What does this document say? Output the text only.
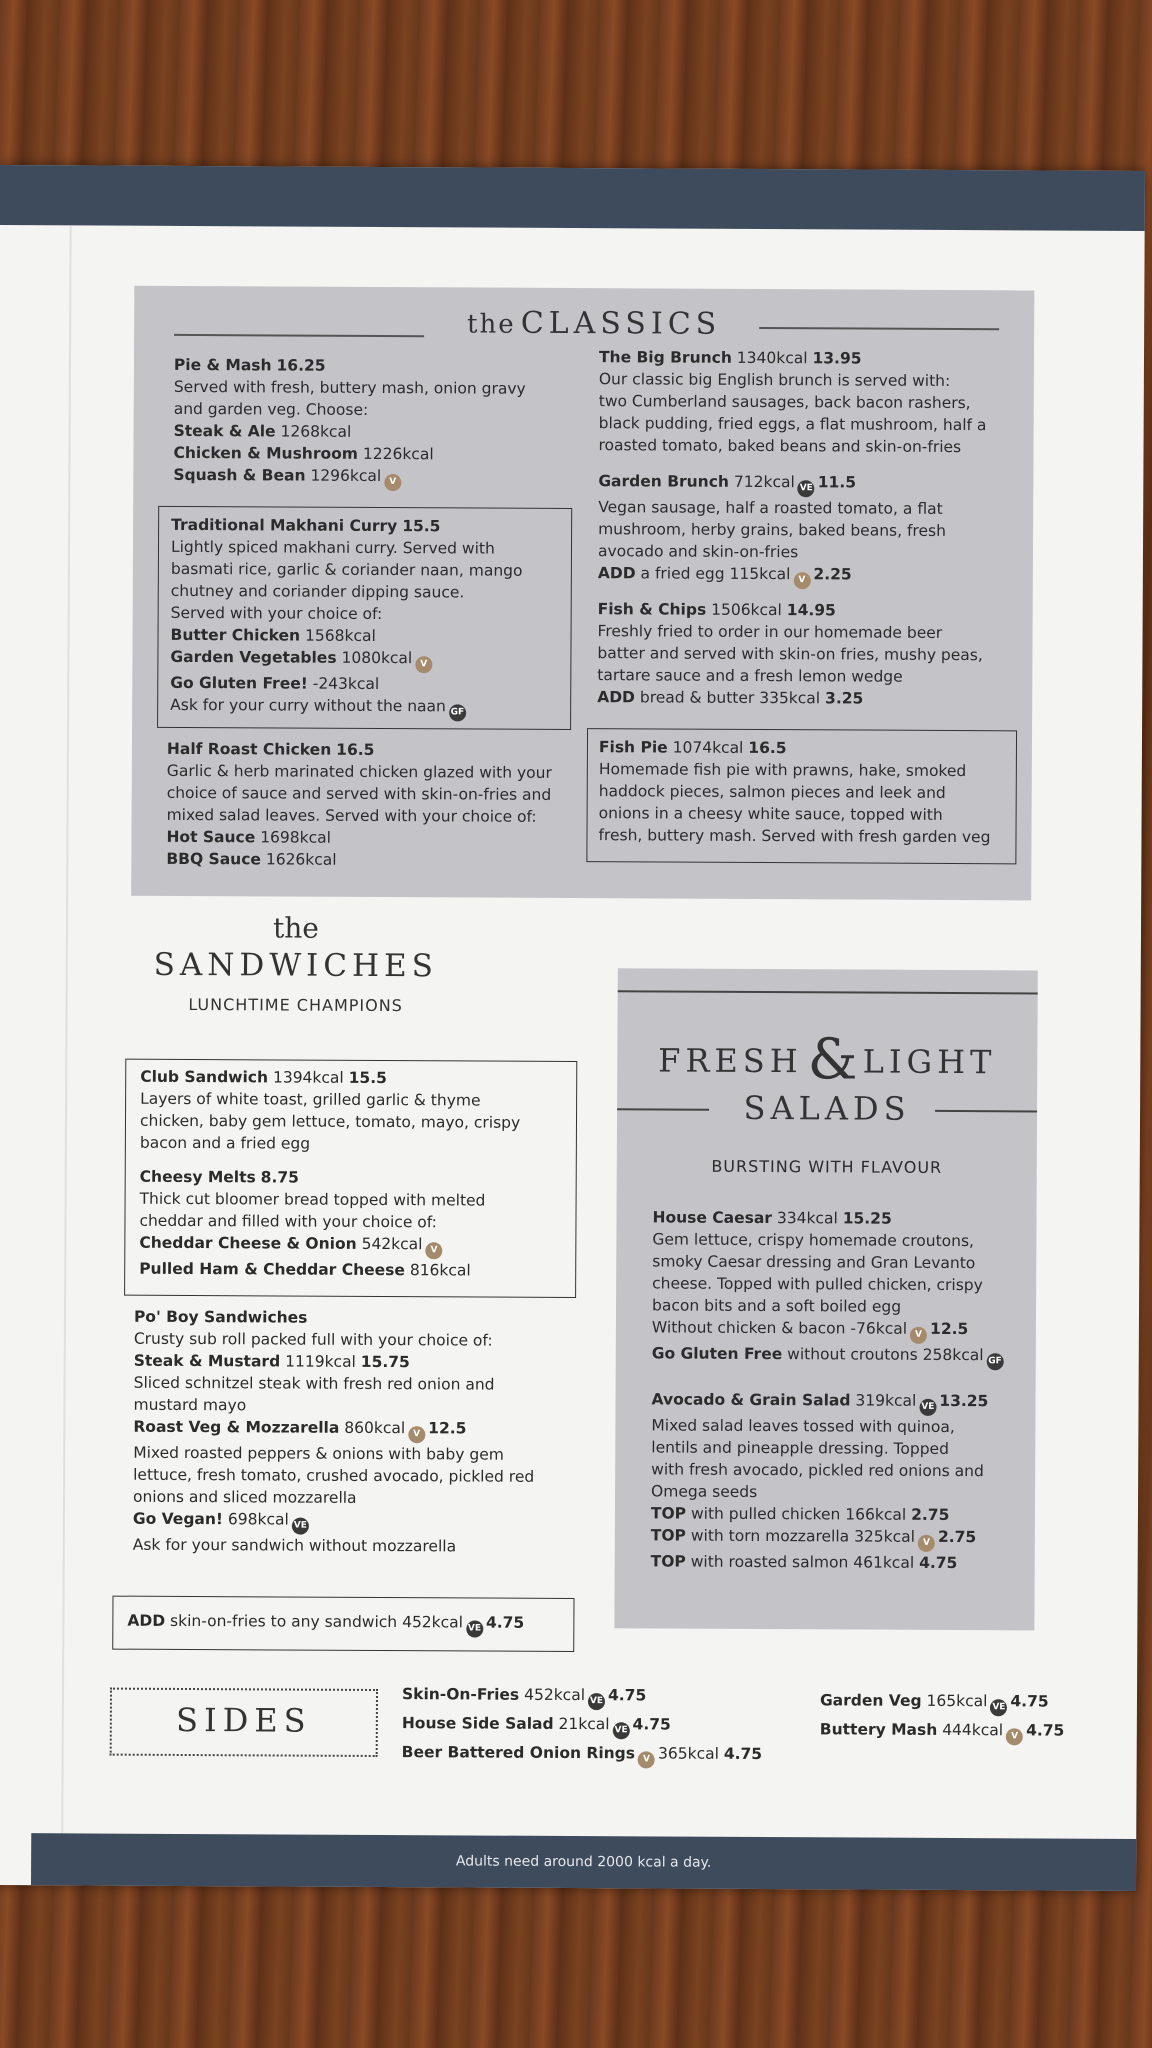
the CLASSICS
Pie & Mash 16.25
Served with fresh, buttery mash, onion gravy
and garden veg. Choose:
Steak & Ale 1268kcal
Chicken & Mushroom 1226kcal
Squash & Bean 1296kcal V
Traditional Makhani Curry 15.5
Lightly spiced makhani curry. Served with
basmati rice, garlic & coriander naan, mango
chutney and coriander dipping sauce.
Served with your choice of:
Butter Chicken 1568kcal
Garden Vegetables 1080kcal V
Go Gluten Free! -243kcal
Ask for your curry without the naan GF
Half Roast Chicken 16.5
Garlic & herb marinated chicken glazed with your
choice of sauce and served with skin-on-fries and
mixed salad leaves. Served with your choice of:
Hot Sauce 1698kcal
BBQ Sauce 1626kcal
The Big Brunch 1340kcal 13.95
Our classic big English brunch is served with:
two Cumberland sausages, back bacon rashers,
black pudding, fried eggs, a flat mushroom, half a
roasted tomato, baked beans and skin-on-fries
Garden Brunch 712kcal VE 11.5
Vegan sausage, half a roasted tomato, a flat
mushroom, herby grains, baked beans, fresh
avocado and skin-on-fries
ADD a fried egg 115kcal V 2.25
Fish & Chips 1506kcal 14.95
Freshly fried to order in our homemade beer
batter and served with skin-on fries, mushy peas,
tartare sauce and a fresh lemon wedge
ADD bread & butter 335kcal 3.25
Fish Pie 1074kcal 16.5
Homemade fish pie with prawns, hake, smoked
haddock pieces, salmon pieces and leek and
onions in a cheesy white sauce, topped with
fresh, buttery mash. Served with fresh garden veg
the
SANDWICHES
LUNCHTIME CHAMPIONS
Club Sandwich 1394kcal 15.5
Layers of white toast, grilled garlic & thyme
chicken, baby gem lettuce, tomato, mayo, crispy
bacon and a fried egg
Cheesy Melts 8.75
Thick cut bloomer bread topped with melted
cheddar and filled with your choice of:
Cheddar Cheese & Onion 542kcal V
Pulled Ham & Cheddar Cheese 816kcal
Po' Boy Sandwiches
Crusty sub roll packed full with your choice of:
Steak & Mustard 1119kcal 15.75
Sliced schnitzel steak with fresh red onion and
mustard mayo
Roast Veg & Mozzarella 860kcal V 12.5
Mixed roasted peppers & onions with baby gem
lettuce, fresh tomato, crushed avocado, pickled red
onions and sliced mozzarella
Go Vegan! 698kcal VE
Ask for your sandwich without mozzarella
ADD skin-on-fries to any sandwich 452kcal VE 4.75
FRESH & LIGHT
SALADS
BURSTING WITH FLAVOUR
House Caesar 334kcal 15.25
Gem lettuce, crispy homemade croutons,
smoky Caesar dressing and Gran Levanto
cheese. Topped with pulled chicken, crispy
bacon bits and a soft boiled egg
Without chicken & bacon -76kcal V 12.5
Go Gluten Free without croutons 258kcal GF
Avocado & Grain Salad 319kcal VE 13.25
Mixed salad leaves tossed with quinoa,
lentils and pineapple dressing. Topped
with fresh avocado, pickled red onions and
Omega seeds
TOP with pulled chicken 166kcal 2.75
TOP with torn mozzarella 325kcal V 2.75
TOP with roasted salmon 461kcal 4.75
SIDES
Skin-On-Fries 452kcal VE 4.75
House Side Salad 21kcal VE 4.75
Beer Battered Onion Rings V 365kcal 4.75
Garden Veg 165kcal VE 4.75
Buttery Mash 444kcal V 4.75
Adults need around 2000 kcal a day.
